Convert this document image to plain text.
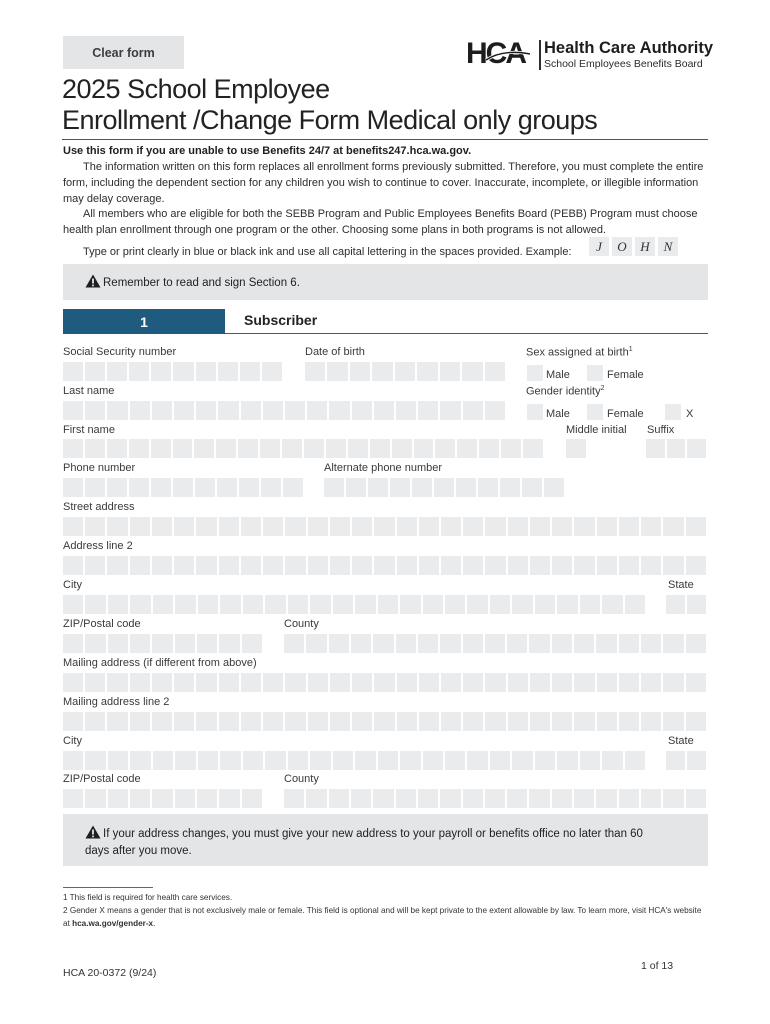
Clear form	HCA Health Care Authority
School Employees Benefits Board
2025 School Employee
Enrollment /Change Form Medical only groups
Use this form if you are unable to use Benefits 24/7 at benefits247.hca.wa.gov.
The information written on this form replaces all enrollment forms previously submitted. Therefore, you must complete the entire form, including the dependent section for any children you wish to continue to cover. Inaccurate, incomplete, or illegible information may delay coverage.
All members who are eligible for both the SEBB Program and Public Employees Benefits Board (PEBB) Program must choose health plan enrollment through one program or the other. Choosing some plans in both programs is not allowed.
Type or print clearly in blue or black ink and use all capital lettering in the spaces provided. Example:	J	O	H	N
Remember to read and sign Section 6.
1	Subscriber
Social Security number	Date of birth	Sex assigned at birth$^1$
Male	Female
Last name	Gender identity$^2$
Male	Female	X
First name	Middle initial Suffix
Phone number	Alternate phone number
Street address
Address line 2
City	State
ZIP/Postal code	County
Mailing address (if different from above)
Mailing address line 2
City	State
ZIP/Postal code	County
If your address changes, you must give your new address to your payroll or benefits office no later than 60 days after you move.
1 This field is required for health care services.
2 Gender X means a gender that is not exclusively male or female. This field is optional and will be kept private to the extent allowable by law. To learn more, visit HCA's website at hca.wa.gov/gender-x.
HCA 20-0372 (9/24)
1 of 13
